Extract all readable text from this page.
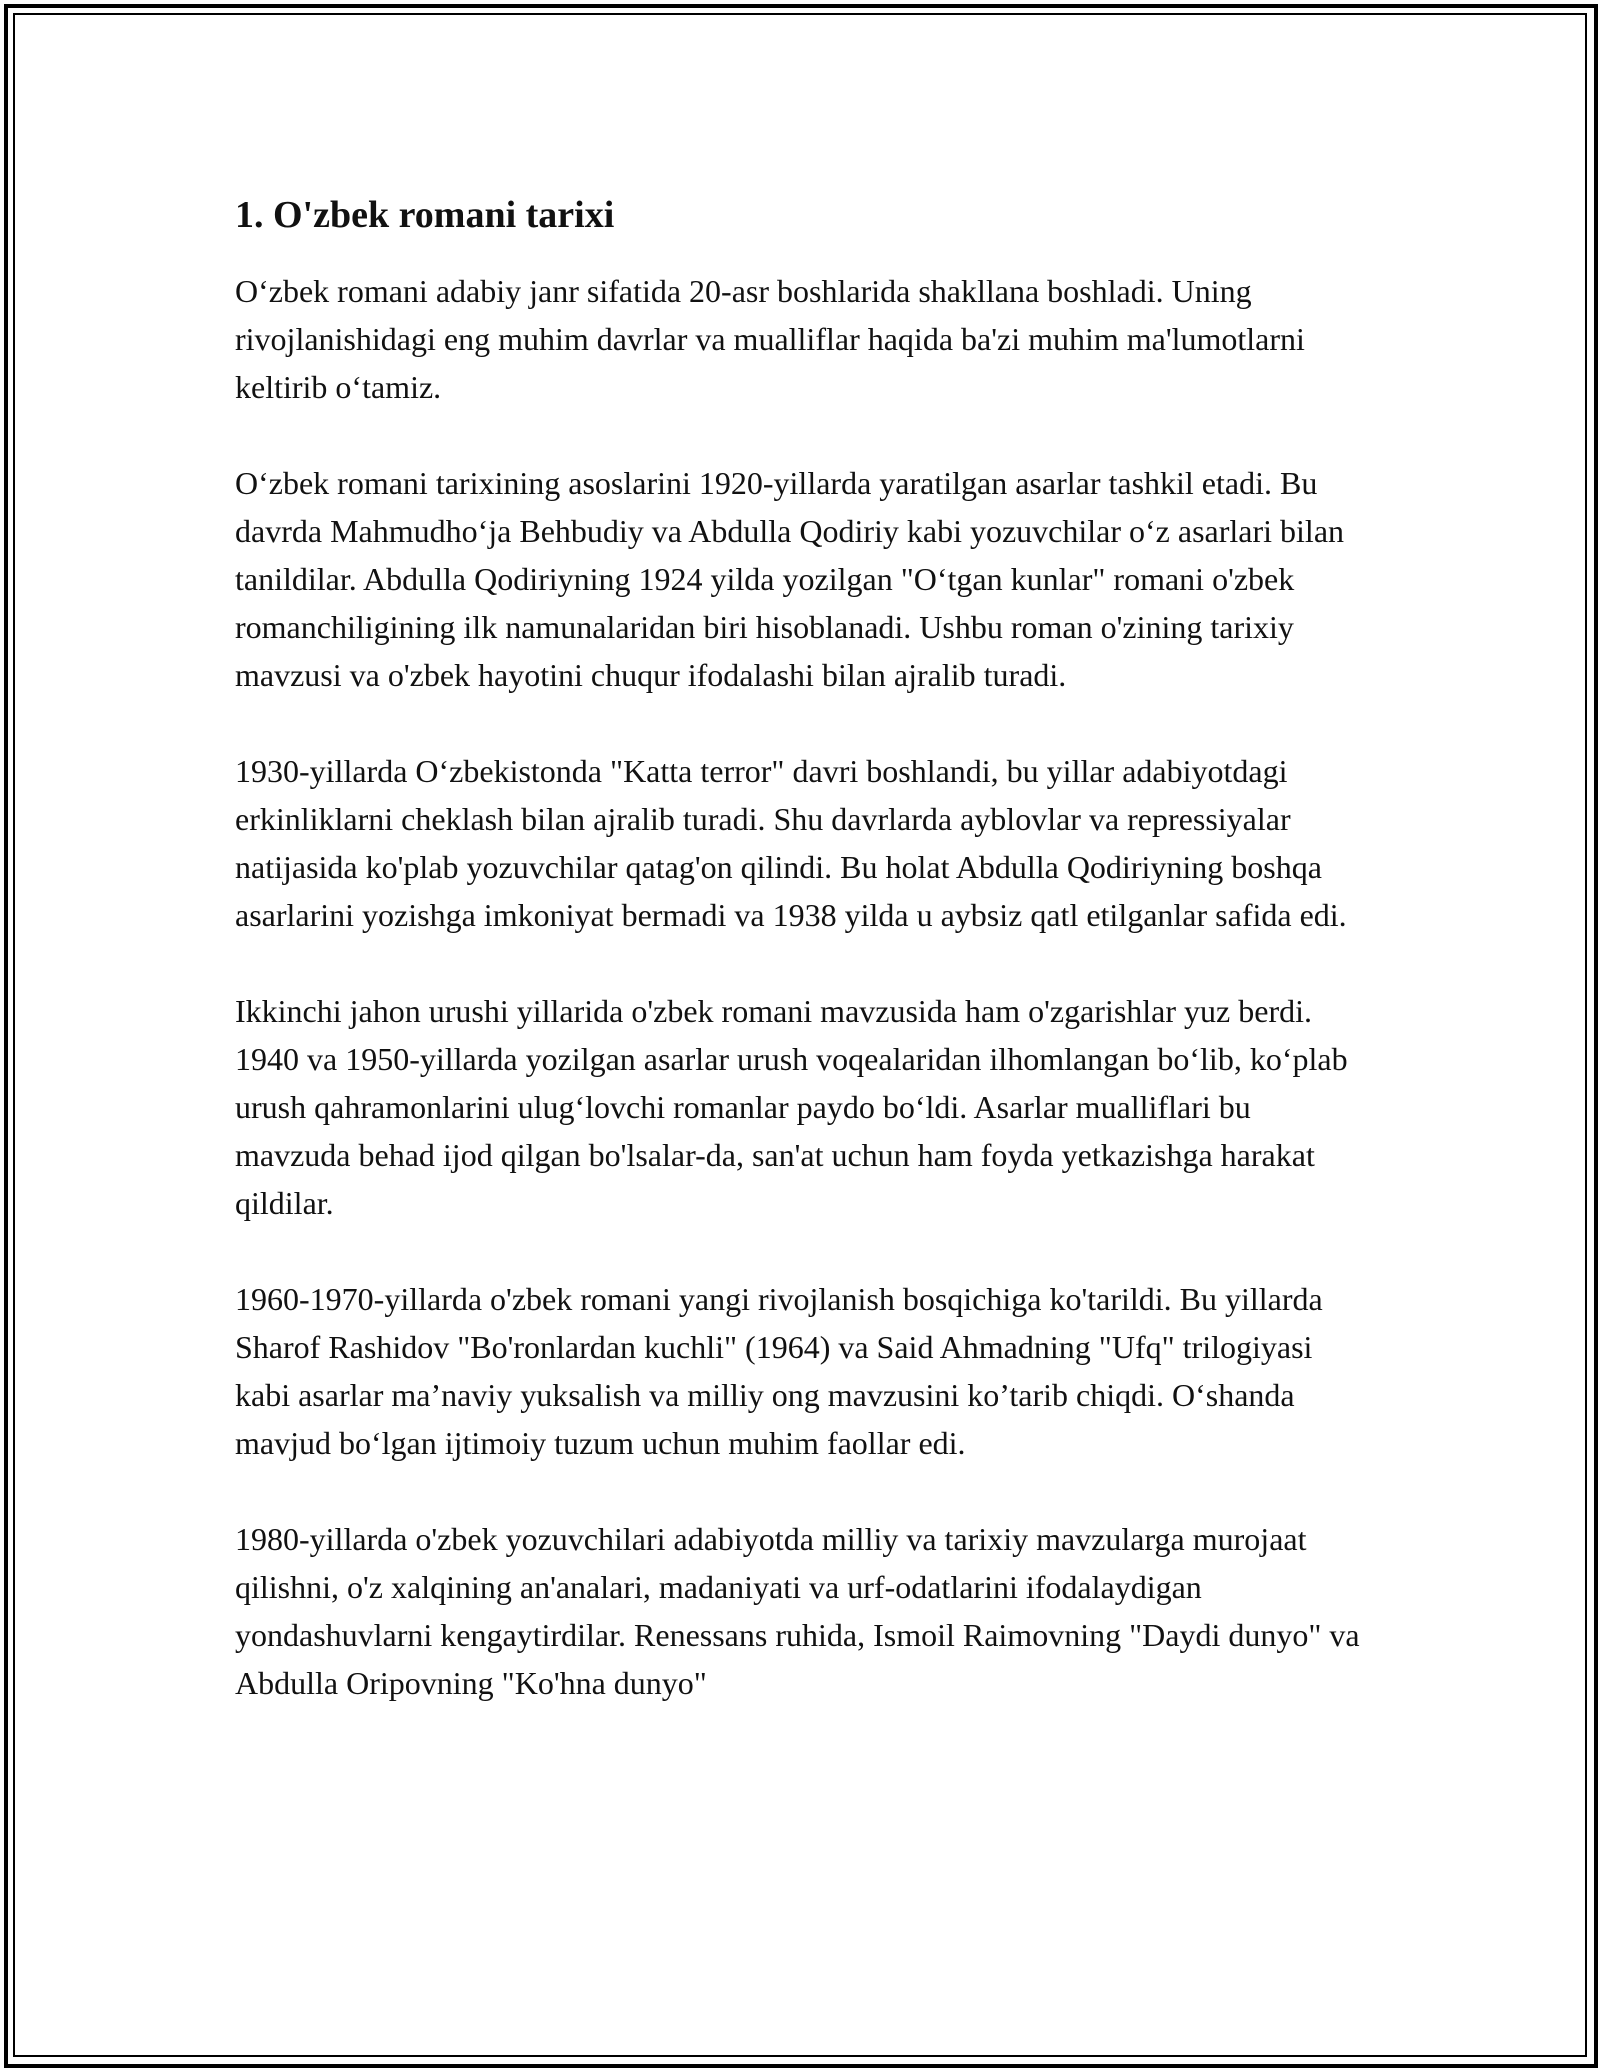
1. O'zbek romani tarixi

O‘zbek romani adabiy janr sifatida 20-asr boshlarida shakllana boshladi. Uning rivojlanishidagi eng muhim davrlar va mualliflar haqida ba'zi muhim ma'lumotlarni keltirib o‘tamiz.

O‘zbek romani tarixining asoslarini 1920-yillarda yaratilgan asarlar tashkil etadi. Bu davrda Mahmudho‘ja Behbudiy va Abdulla Qodiriy kabi yozuvchilar o‘z asarlari bilan tanildilar. Abdulla Qodiriyning 1924 yilda yozilgan "O‘tgan kunlar" romani o'zbek romanchiligining ilk namunalaridan biri hisoblanadi. Ushbu roman o'zining tarixiy mavzusi va o'zbek hayotini chuqur ifodalashi bilan ajralib turadi.

1930-yillarda O‘zbekistonda "Katta terror" davri boshlandi, bu yillar adabiyotdagi erkinliklarni cheklash bilan ajralib turadi. Shu davrlarda ayblovlar va repressiyalar natijasida ko'plab yozuvchilar qatag'on qilindi. Bu holat Abdulla Qodiriyning boshqa asarlarini yozishga imkoniyat bermadi va 1938 yilda u aybsiz qatl etilganlar safida edi.

Ikkinchi jahon urushi yillarida o'zbek romani mavzusida ham o'zgarishlar yuz berdi. 1940 va 1950-yillarda yozilgan asarlar urush voqealaridan ilhomlangan bo‘lib, ko‘plab urush qahramonlarini ulug‘lovchi romanlar paydo bo‘ldi. Asarlar mualliflari bu mavzuda behad ijod qilgan bo'lsalar-da, san'at uchun ham foyda yetkazishga harakat qildilar.

1960-1970-yillarda o'zbek romani yangi rivojlanish bosqichiga ko'tarildi. Bu yillarda Sharof Rashidov "Bo'ronlardan kuchli" (1964) va Said Ahmadning "Ufq" trilogiyasi kabi asarlar ma’naviy yuksalish va milliy ong mavzusini ko’tarib chiqdi. O‘shanda mavjud bo‘lgan ijtimoiy tuzum uchun muhim faollar edi.

1980-yillarda o'zbek yozuvchilari adabiyotda milliy va tarixiy mavzularga murojaat qilishni, o'z xalqining an'analari, madaniyati va urf-odatlarini ifodalaydigan yondashuvlarni kengaytirdilar. Renessans ruhida, Ismoil Raimovning "Daydi dunyo" va Abdulla Oripovning "Ko'hna dunyo"
